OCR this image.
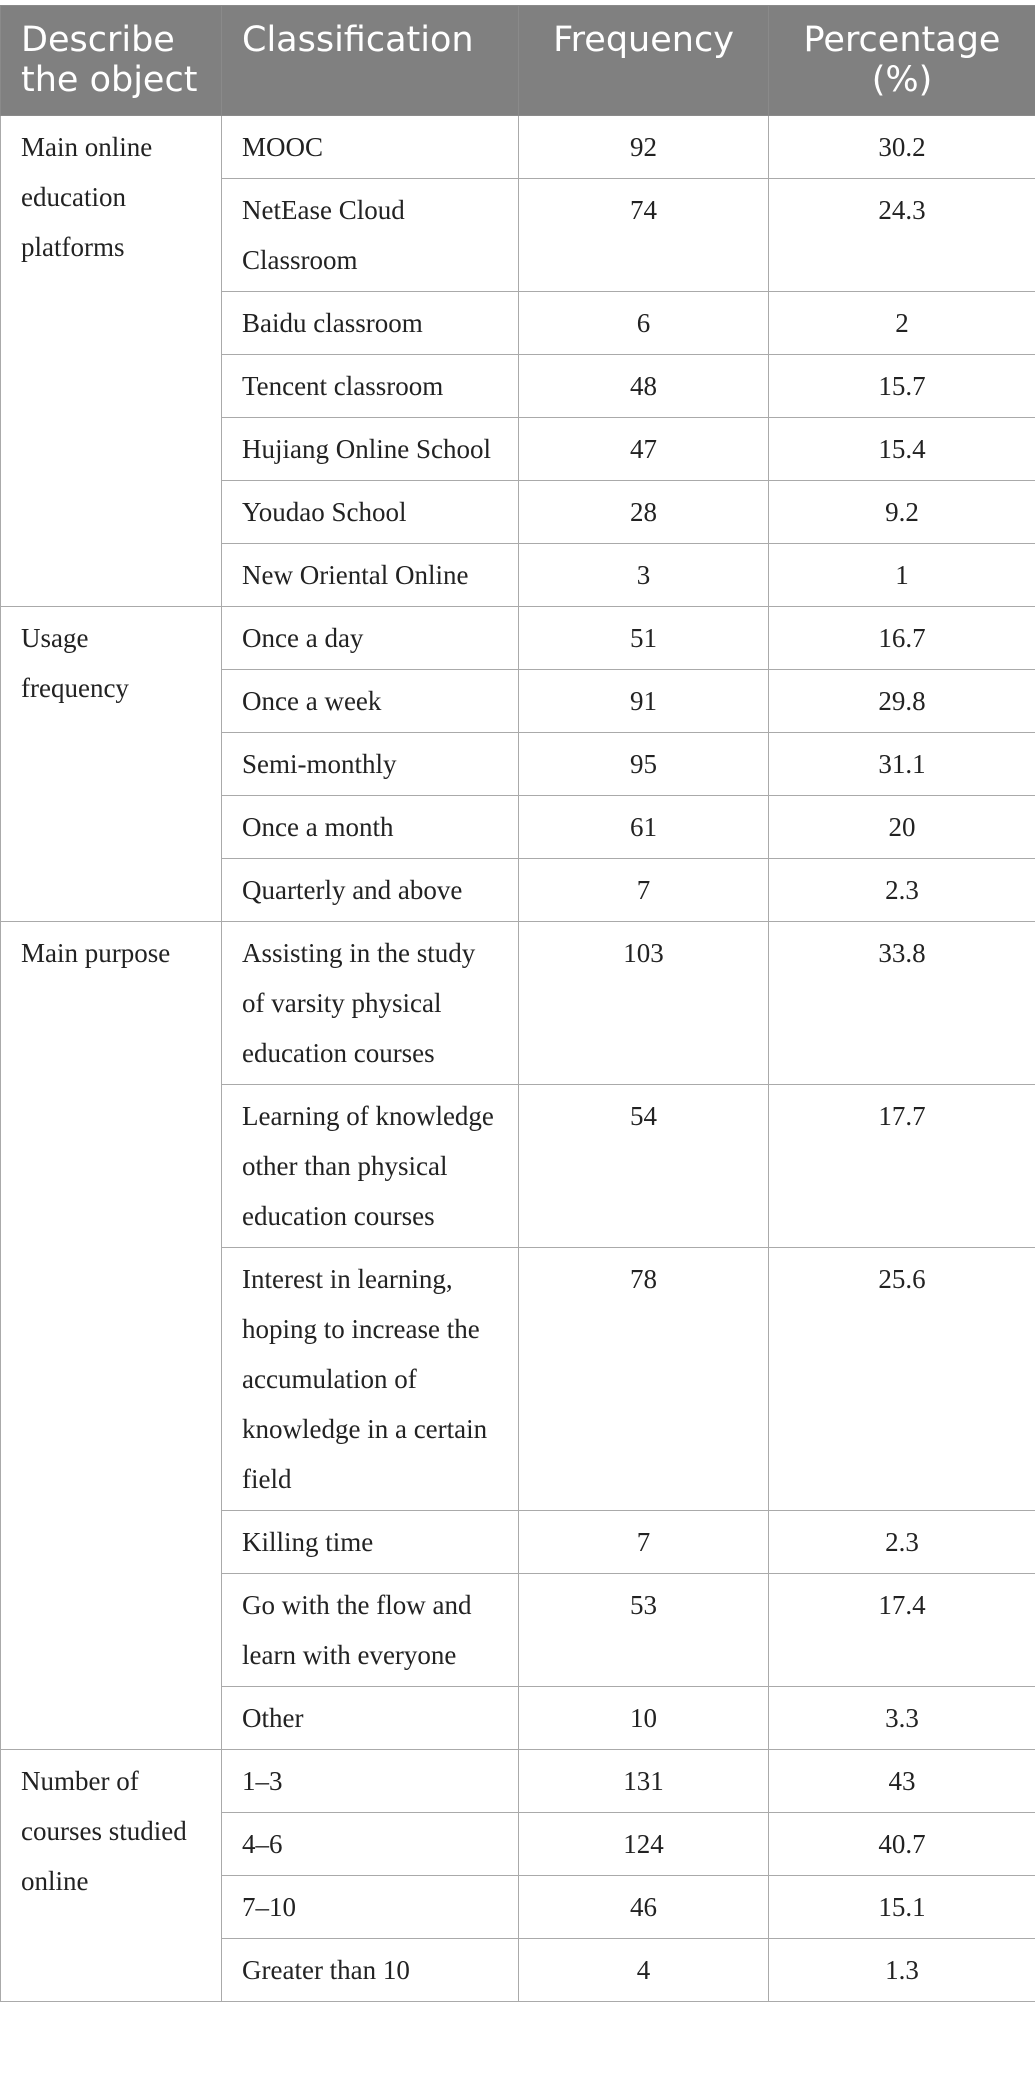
Describe the object	Classification	Frequency	Percentage (%)
Main online education platforms	MOOC	92	30.2
	NetEase Cloud Classroom	74	24.3
	Baidu classroom	6	2
	Tencent classroom	48	15.7
	Hujiang Online School	47	15.4
	Youdao School	28	9.2
	New Oriental Online	3	1
Usage frequency	Once a day	51	16.7
	Once a week	91	29.8
	Semi-monthly	95	31.1
	Once a month	61	20
	Quarterly and above	7	2.3
Main purpose	Assisting in the study of varsity physical education courses	103	33.8
	Learning of knowledge other than physical education courses	54	17.7
	Interest in learning, hoping to increase the accumulation of knowledge in a certain field	78	25.6
	Killing time	7	2.3
	Go with the flow and learn with everyone	53	17.4
	Other	10	3.3
Number of courses studied online	1–3	131	43
	4–6	124	40.7
	7–10	46	15.1
	Greater than 10	4	1.3
